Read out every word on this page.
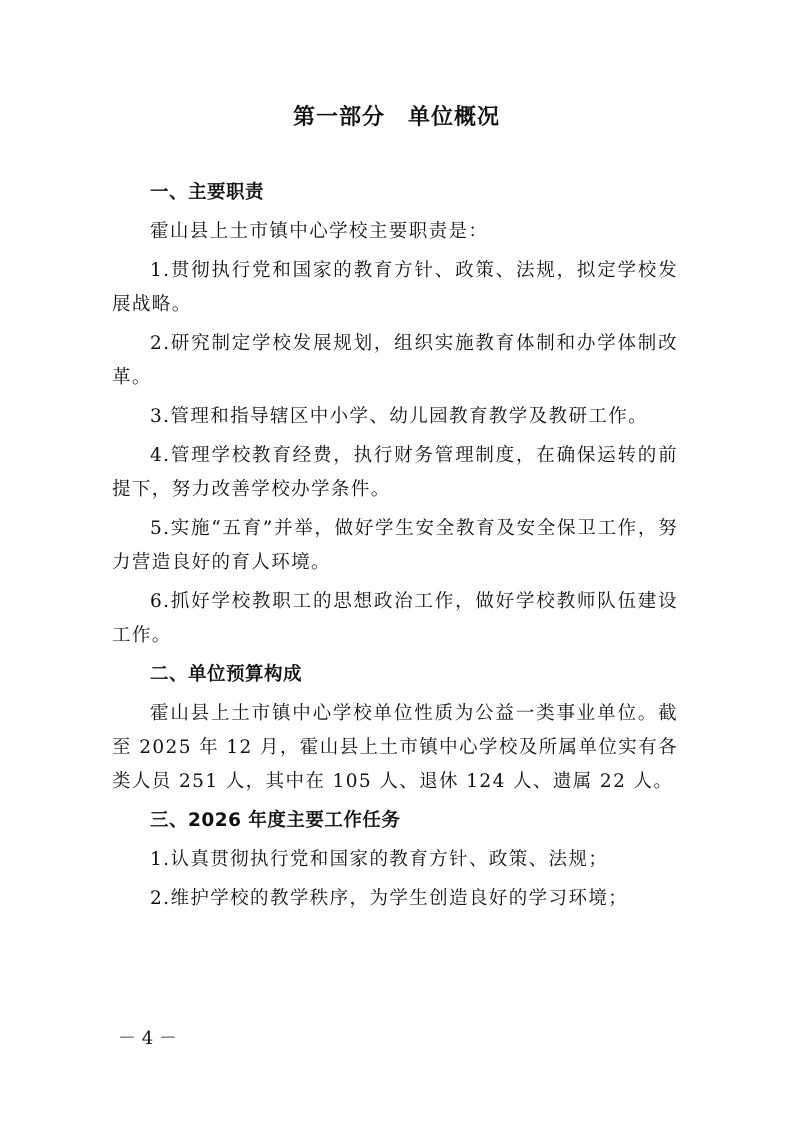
第一部分　单位概况
一、主要职责
霍山县上土市镇中心学校主要职责是：
1.贯彻执行党和国家的教育方针、政策、法规，拟定学校发展战略。
2.研究制定学校发展规划，组织实施教育体制和办学体制改革。
3.管理和指导辖区中小学、幼儿园教育教学及教研工作。
4.管理学校教育经费，执行财务管理制度，在确保运转的前提下，努力改善学校办学条件。
5.实施“五育”并举，做好学生安全教育及安全保卫工作，努力营造良好的育人环境。
6.抓好学校教职工的思想政治工作，做好学校教师队伍建设工作。
二、单位预算构成
霍山县上土市镇中心学校单位性质为公益一类事业单位。截至 2025 年 12 月，霍山县上土市镇中心学校及所属单位实有各类人员 251 人，其中在 105 人、退休 124 人、遗属 22 人。
三、2026 年度主要工作任务
1.认真贯彻执行党和国家的教育方针、政策、法规；
2.维护学校的教学秩序，为学生创造良好的学习环境；
－ 4 －
